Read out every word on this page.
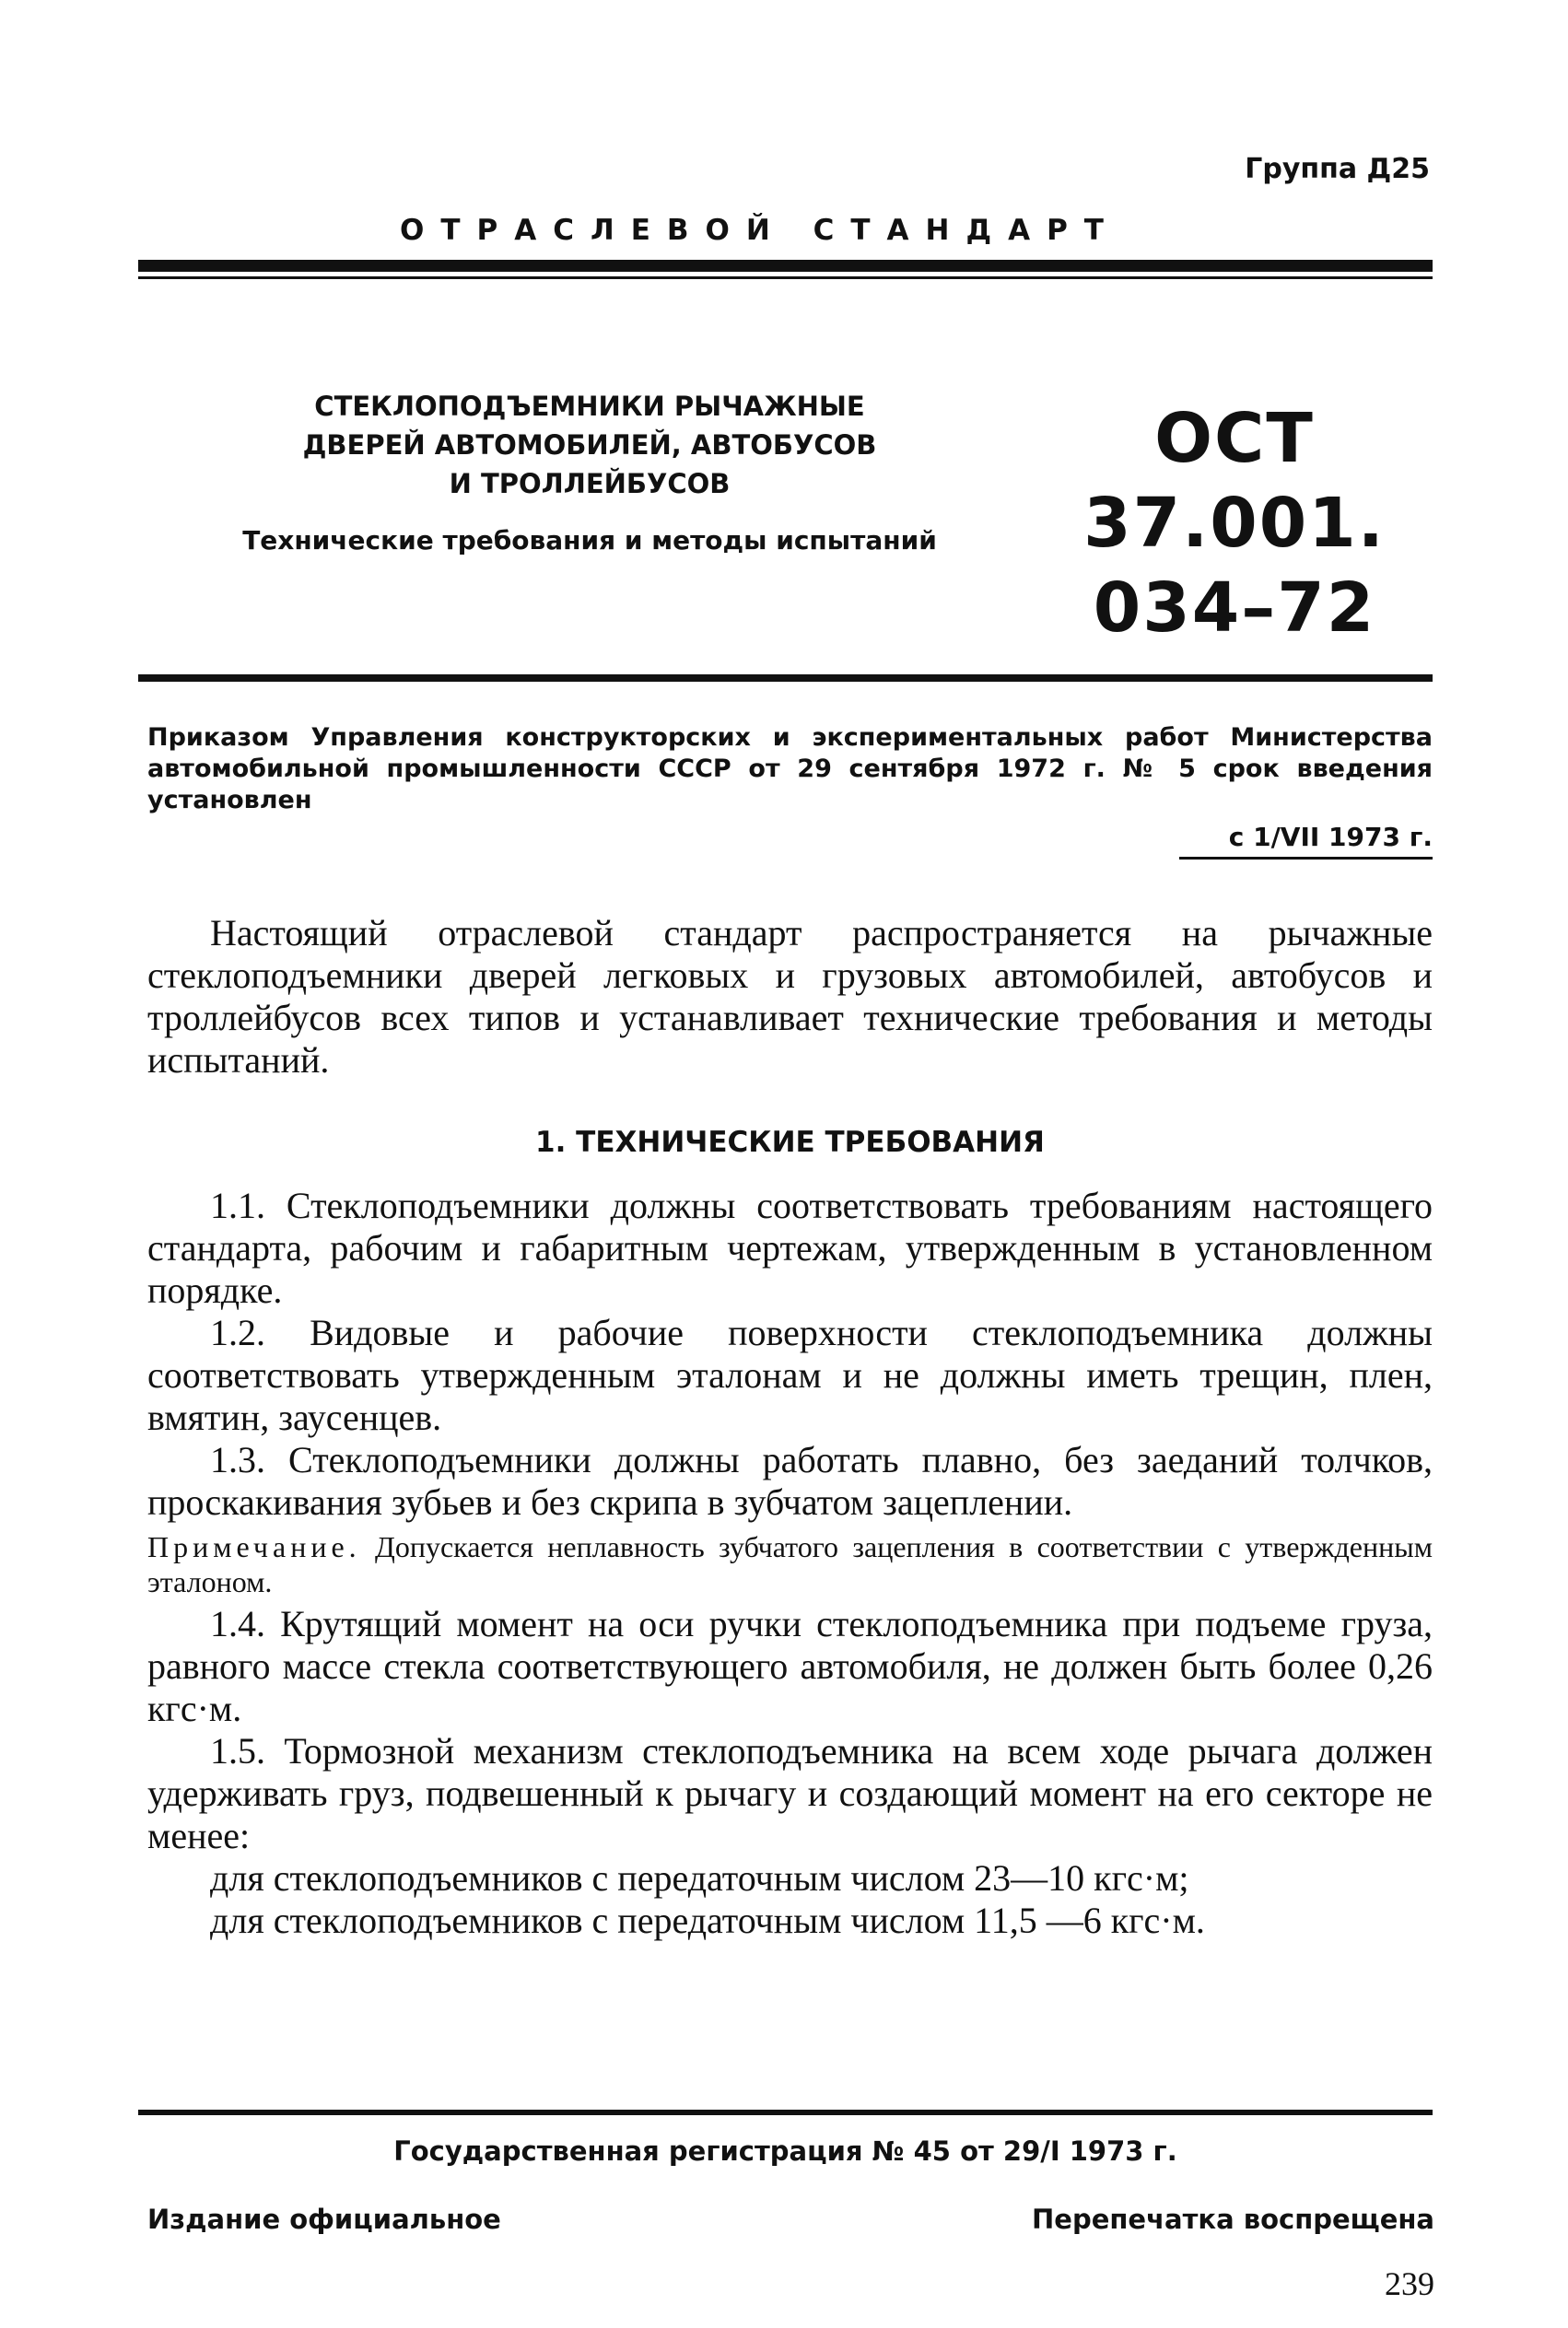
Группа Д25
ОТРАСЛЕВОЙ СТАНДАРТ
СТЕКЛОПОДЪЕМНИКИ РЫЧАЖНЫЕ
ДВЕРЕЙ АВТОМОБИЛЕЙ, АВТОБУСОВ
И ТРОЛЛЕЙБУСОВ
Технические требования и методы испытаний
ОСТ 37.001.
034–72
Приказом Управления конструкторских и экспериментальных работ Министерства автомобильной промышленности СССР от 29 сентября 1972 г. № 5 срок введения установлен
с 1/VII 1973 г.

Настоящий отраслевой стандарт распространяется на рычажные стеклоподъемники дверей легковых и грузовых автомобилей, автобусов и троллейбусов всех типов и устанавливает технические требования и методы испытаний.

1. ТЕХНИЧЕСКИЕ ТРЕБОВАНИЯ

1.1. Стеклоподъемники должны соответствовать требованиям настоящего стандарта, рабочим и габаритным чертежам, утвержденным в установленном порядке.

1.2. Видовые и рабочие поверхности стеклоподъемника должны соответствовать утвержденным эталонам и не должны иметь трещин, плен, вмятин, заусенцев.

1.3. Стеклоподъемники должны работать плавно, без заеданий толчков, проскакивания зубьев и без скрипа в зубчатом зацеплении.

Примечание. Допускается неплавность зубчатого зацепления в соответствии с утвержденным эталоном.

1.4. Крутящий момент на оси ручки стеклоподъемника при подъеме груза, равного массе стекла соответствующего автомобиля, не должен быть более 0,26 кгс·м.

1.5. Тормозной механизм стеклоподъемника на всем ходе рычага должен удерживать груз, подвешенный к рычагу и создающий момент на его секторе не менее:

для стеклоподъемников с передаточным числом 23—10 кгс·м;

для стеклоподъемников с передаточным числом 11,5 —6 кгс·м.

Государственная регистрация № 45 от 29/I 1973 г.
Издание официальное	Перепечатка воспрещена
239
